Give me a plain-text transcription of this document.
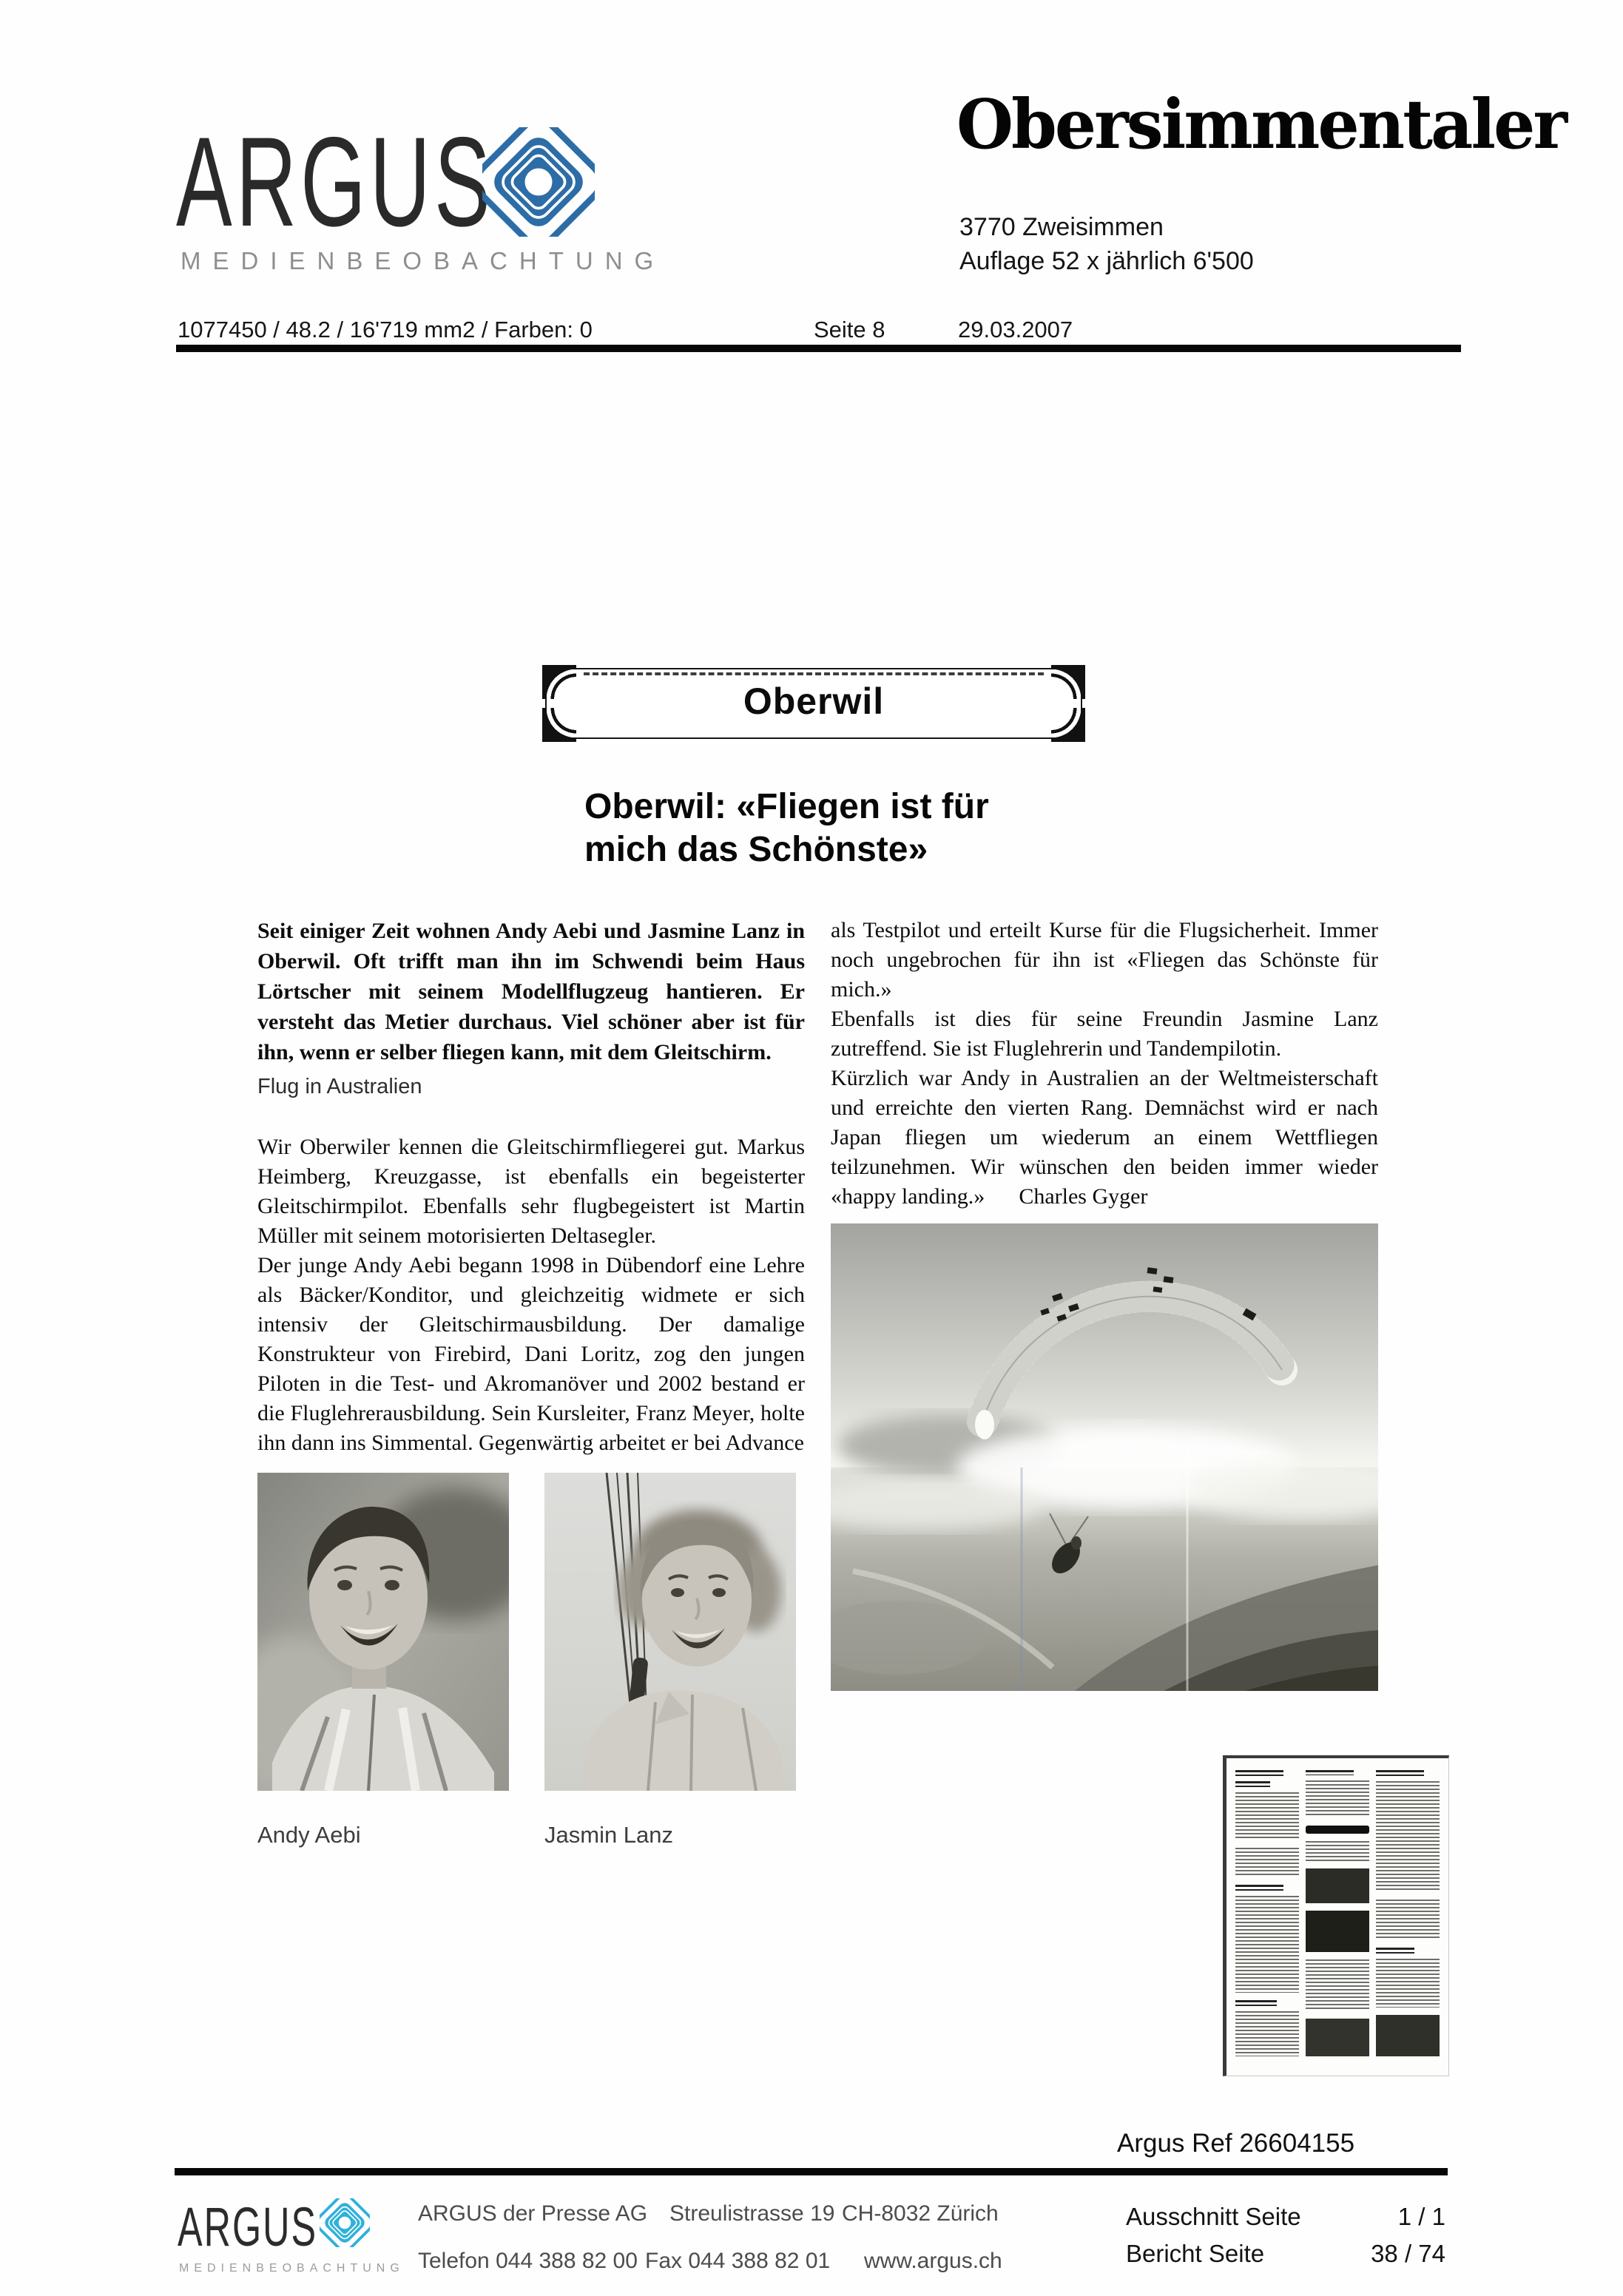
ARGUS
MEDIENBEOBACHTUNG
Obersimmentaler
3770 Zweisimmen
Auflage 52 x jährlich 6'500
1077450 / 48.2 / 16'719 mm2 / Farben: 0	Seite 8	29.03.2007
Oberwil
Oberwil: «Fliegen ist für
mich das Schönste»
Seit einiger Zeit wohnen Andy Aebi und Jasmine Lanz in Oberwil. Oft trifft man ihn im Schwendi beim Haus Lörtscher mit seinem Modellflugzeug hantieren. Er versteht das Metier durchaus. Viel schöner aber ist für ihn, wenn er selber fliegen kann, mit dem Gleitschirm.
Flug in Australien

Wir Oberwiler kennen die Gleitschirmfliegerei gut. Markus Heimberg, Kreuzgasse, ist ebenfalls ein begeisterter Gleitschirmpilot. Ebenfalls sehr flugbegeistert ist Martin Müller mit seinem motorisierten Deltasegler.

Der junge Andy Aebi begann 1998 in Dübendorf eine Lehre als Bäcker/Konditor, und gleichzeitig widmete er sich intensiv der Gleitschirmausbildung. Der damalige Konstrukteur von Firebird, Dani Loritz, zog den jungen Piloten in die Test- und Akromanöver und 2002 bestand er die Fluglehrerausbildung. Sein Kursleiter, Franz Meyer, holte ihn dann ins Simmental. Gegenwärtig arbeitet er bei Advance

Andy Aebi	Jasmin Lanz

als Testpilot und erteilt Kurse für die Flugsicherheit. Immer noch ungebrochen für ihn ist «Fliegen das Schönste für mich.»

Ebenfalls ist dies für seine Freundin Jasmine Lanz zutreffend. Sie ist Fluglehrerin und Tandempilotin.

Kürzlich war Andy in Australien an der Weltmeisterschaft und erreichte den vierten Rang. Demnächst wird er nach Japan fliegen um wiederum an einem Wettfliegen teilzunehmen. Wir wünschen den beiden immer wieder «happy landing.» Charles Gyger

Argus Ref 26604155
ARGUS
MEDIENBEOBACHTUNG
ARGUS der Presse AG Streulistrasse 19 CH-8032 Zürich
Telefon 044 388 82 00 Fax 044 388 82 01 www.argus.ch
Ausschnitt Seite	1 / 1
Bericht Seite	38 / 74
